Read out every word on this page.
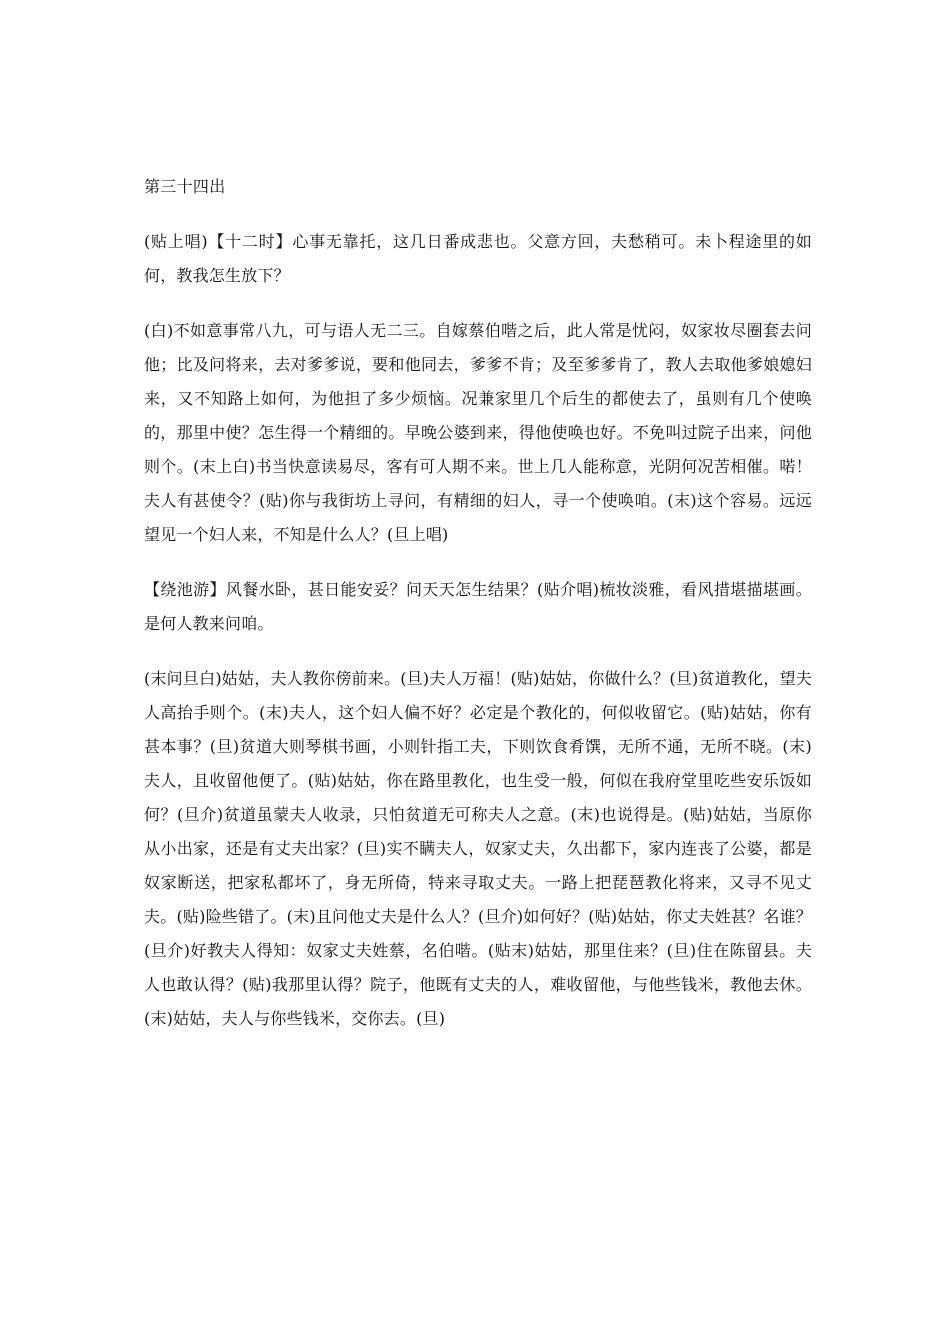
第三十四出

(贴上唱)【十二时】心事无靠托，这几日番成悲也。父意方回，夫愁稍可。未卜程途里的如何，教我怎生放下？

(白)不如意事常八九，可与语人无二三。自嫁蔡伯喈之后，此人常是忧闷，奴家妆尽圈套去问他；比及问将来，去对爹爹说，要和他同去，爹爹不肯；及至爹爹肯了，教人去取他爹娘媳妇来，又不知路上如何，为他担了多少烦恼。况兼家里几个后生的都使去了，虽则有几个使唤的，那里中使？怎生得一个精细的。早晚公婆到来，得他使唤也好。不免叫过院子出来，问他则个。(末上白)书当快意读易尽，客有可人期不来。世上几人能称意，光阴何况苦相催。喏！夫人有甚使令？(贴)你与我街坊上寻问，有精细的妇人，寻一个使唤咱。(末)这个容易。远远望见一个妇人来，不知是什么人？(旦上唱)

【绕池游】风餐水卧，甚日能安妥？问天天怎生结果？(贴介唱)梳妆淡雅，看风措堪描堪画。是何人教来问咱。

(末问旦白)姑姑，夫人教你傍前来。(旦)夫人万福！(贴)姑姑，你做什么？(旦)贫道教化，望夫人高抬手则个。(末)夫人，这个妇人偏不好？必定是个教化的，何似收留它。(贴)姑姑，你有甚本事？(旦)贫道大则琴棋书画，小则针指工夫，下则饮食肴馔，无所不通，无所不晓。(末)夫人，且收留他便了。(贴)姑姑，你在路里教化，也生受一般，何似在我府堂里吃些安乐饭如何？(旦介)贫道虽蒙夫人收录，只怕贫道无可称夫人之意。(末)也说得是。(贴)姑姑，当原你从小出家，还是有丈夫出家？(旦)实不瞒夫人，奴家丈夫，久出都下，家内连丧了公婆，都是奴家断送，把家私都坏了，身无所倚，特来寻取丈夫。一路上把琵琶教化将来，又寻不见丈夫。(贴)险些错了。(末)且问他丈夫是什么人？(旦介)如何好？(贴)姑姑，你丈夫姓甚？名谁？(旦介)好教夫人得知：奴家丈夫姓蔡，名伯喈。(贴末)姑姑，那里住来？(旦)住在陈留县。夫人也敢认得？(贴)我那里认得？院子，他既有丈夫的人，难收留他，与他些钱米，教他去休。(末)姑姑，夫人与你些钱米，交你去。(旦)
